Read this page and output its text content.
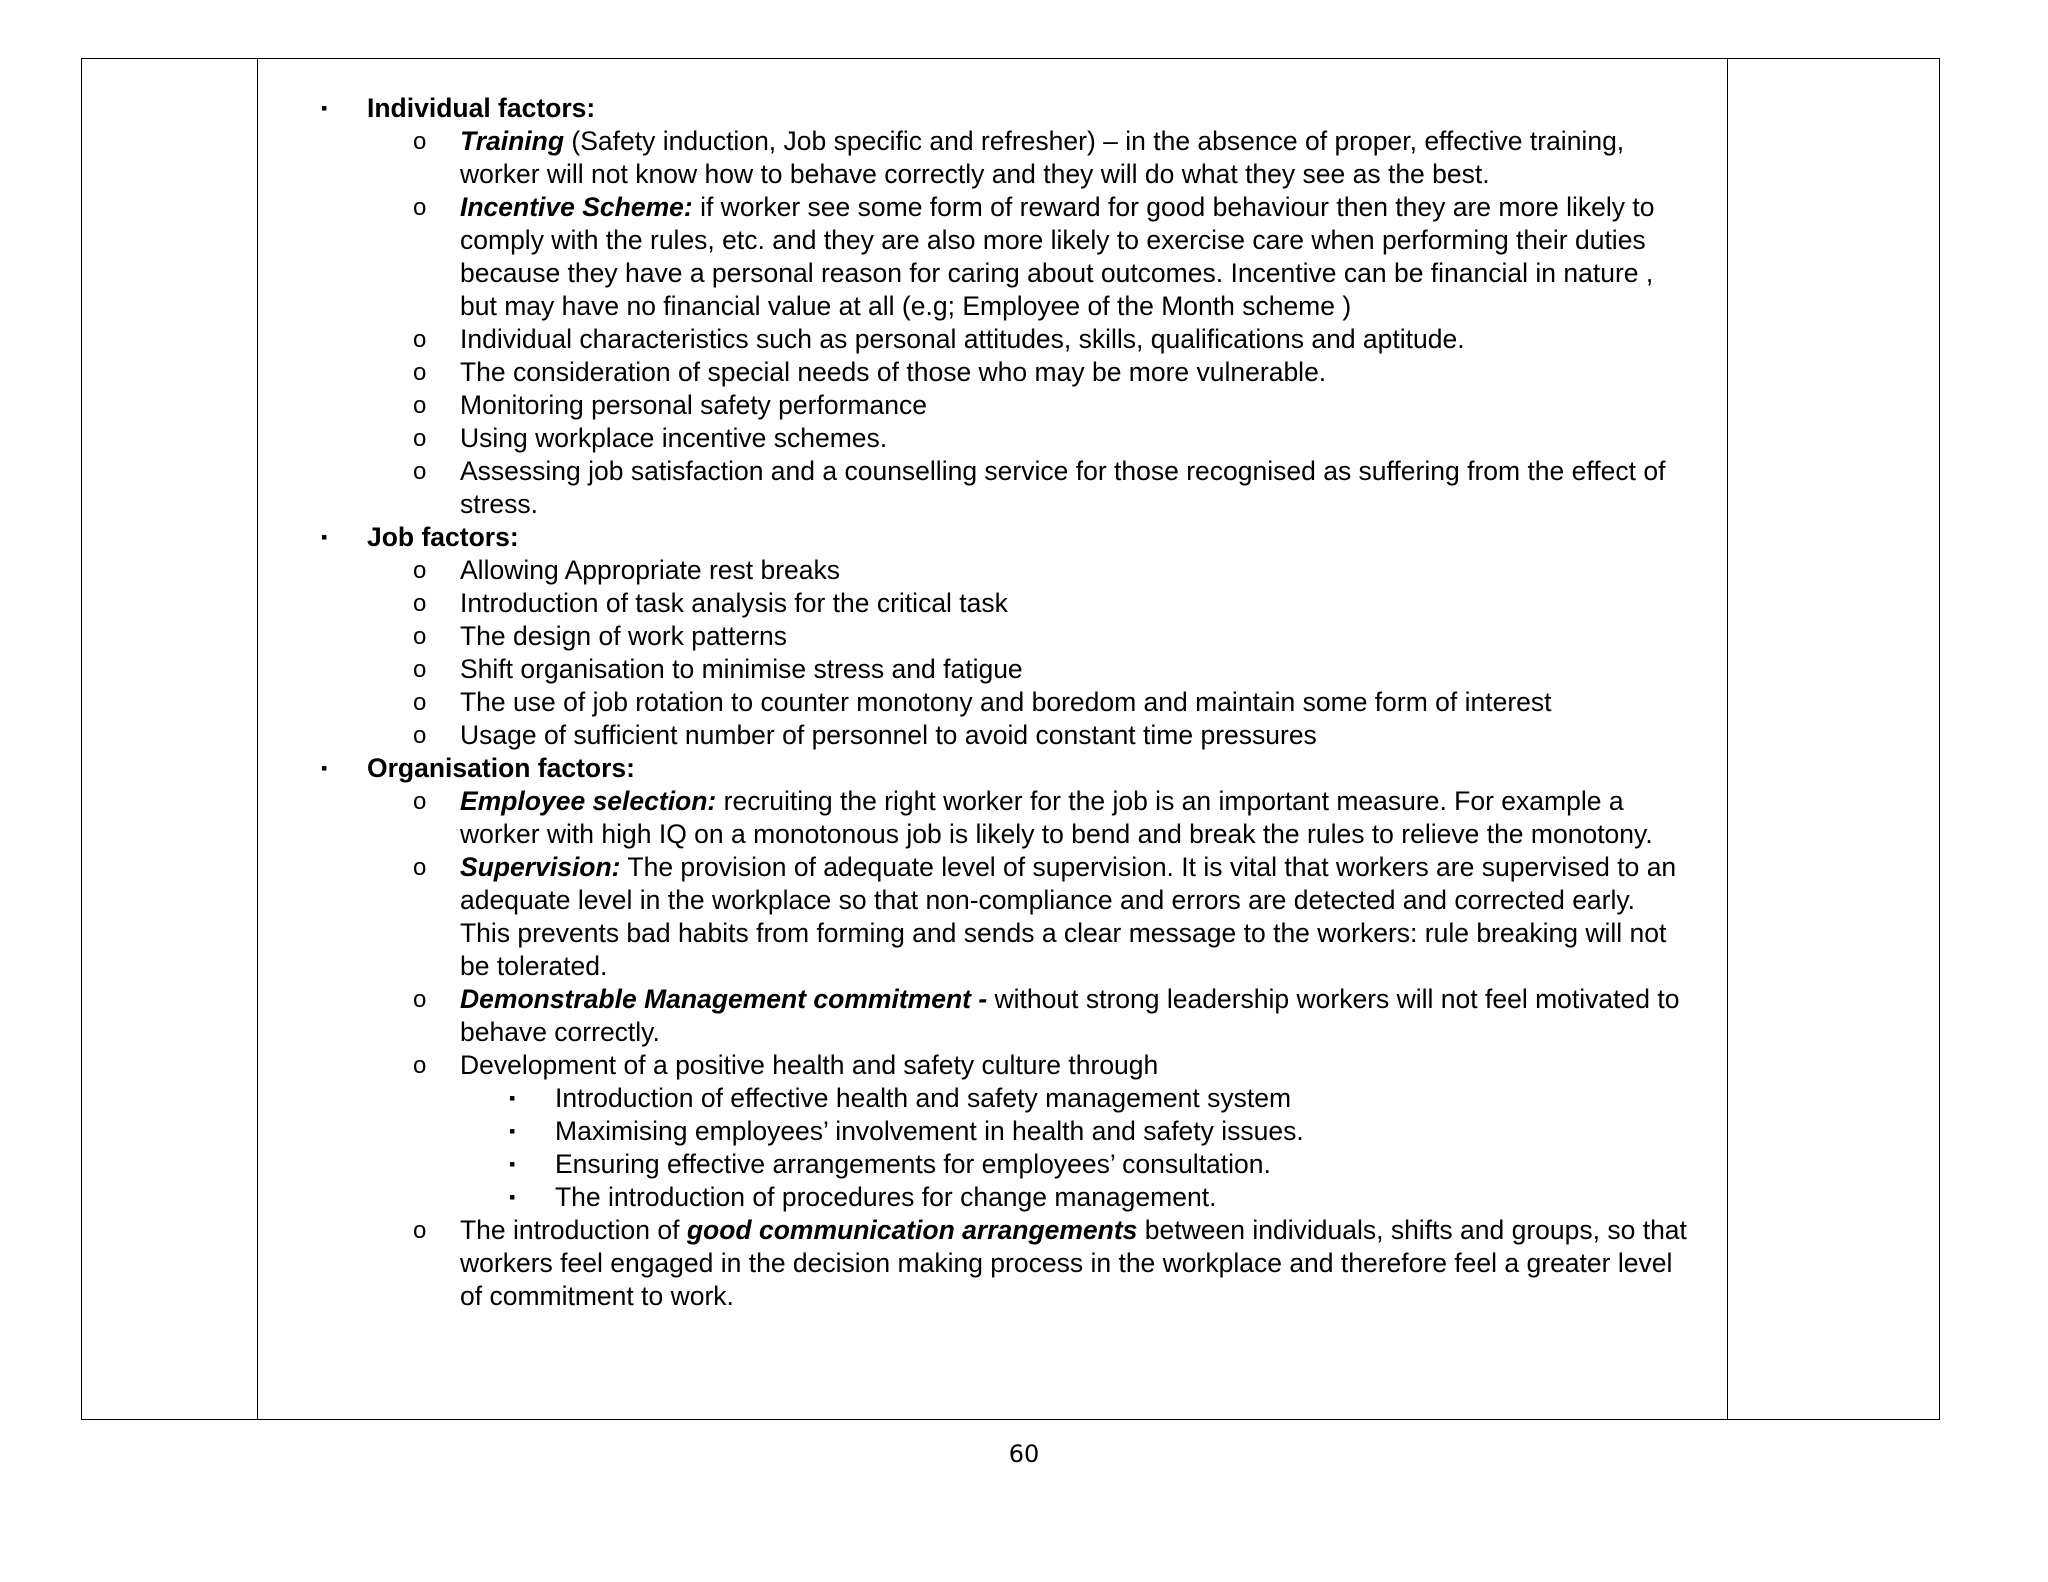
▪ Individual factors:
o Training (Safety induction, Job specific and refresher) – in the absence of proper, effective training, worker will not know how to behave correctly and they will do what they see as the best.
o Incentive Scheme: if worker see some form of reward for good behaviour then they are more likely to comply with the rules, etc. and they are also more likely to exercise care when performing their duties because they have a personal reason for caring about outcomes. Incentive can be financial in nature , but may have no financial value at all (e.g; Employee of the Month scheme )
o Individual characteristics such as personal attitudes, skills, qualifications and aptitude.
o The consideration of special needs of those who may be more vulnerable.
o Monitoring personal safety performance
o Using workplace incentive schemes.
o Assessing job satisfaction and a counselling service for those recognised as suffering from the effect of stress.
▪ Job factors:
o Allowing Appropriate rest breaks
o Introduction of task analysis for the critical task
o The design of work patterns
o Shift organisation to minimise stress and fatigue
o The use of job rotation to counter monotony and boredom and maintain some form of interest
o Usage of sufficient number of personnel to avoid constant time pressures
▪ Organisation factors:
o Employee selection: recruiting the right worker for the job is an important measure. For example a worker with high IQ on a monotonous job is likely to bend and break the rules to relieve the monotony.
o Supervision: The provision of adequate level of supervision. It is vital that workers are supervised to an adequate level in the workplace so that non-compliance and errors are detected and corrected early. This prevents bad habits from forming and sends a clear message to the workers: rule breaking will not be tolerated.
o Demonstrable Management commitment - without strong leadership workers will not feel motivated to behave correctly.
o Development of a positive health and safety culture through
▪ Introduction of effective health and safety management system
▪ Maximising employees’ involvement in health and safety issues.
▪ Ensuring effective arrangements for employees’ consultation.
▪ The introduction of procedures for change management.
o The introduction of good communication arrangements between individuals, shifts and groups, so that workers feel engaged in the decision making process in the workplace and therefore feel a greater level of commitment to work.
60
